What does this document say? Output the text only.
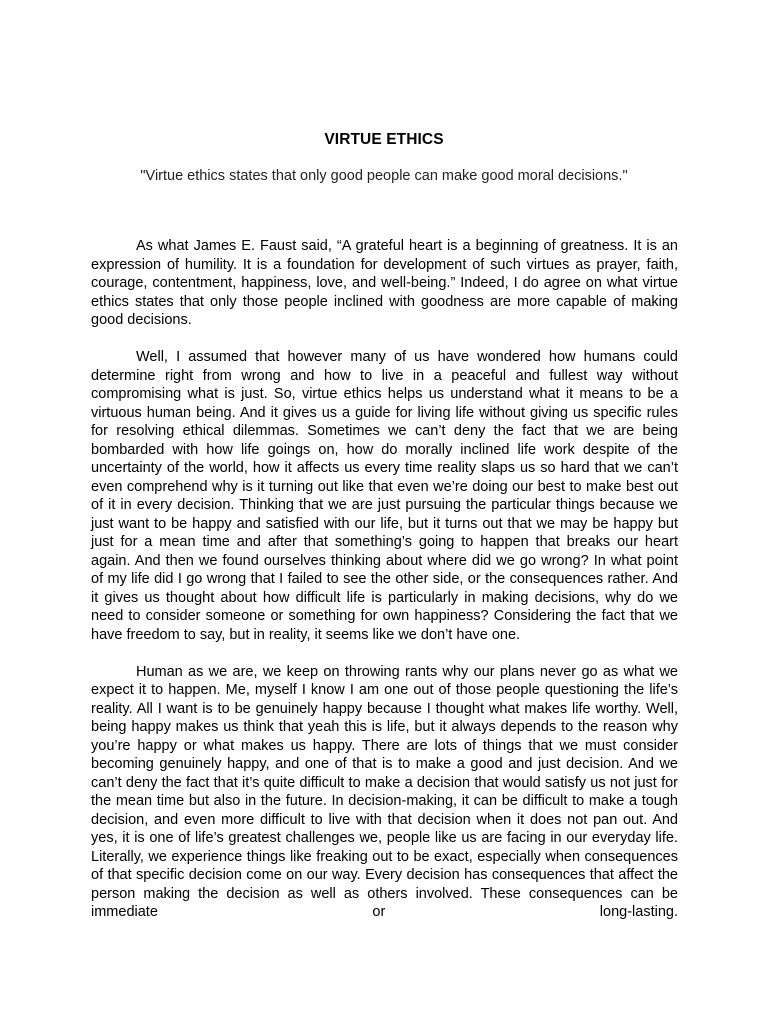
VIRTUE ETHICS
"Virtue ethics states that only good people can make good moral decisions."

As what James E. Faust said, “A grateful heart is a beginning of greatness. It is an expression of humility. It is a foundation for development of such virtues as prayer, faith, courage, contentment, happiness, love, and well-being.” Indeed, I do agree on what virtue ethics states that only those people inclined with goodness are more capable of making good decisions.

Well, I assumed that however many of us have wondered how humans could determine right from wrong and how to live in a peaceful and fullest way without compromising what is just. So, virtue ethics helps us understand what it means to be a virtuous human being. And it gives us a guide for living life without giving us specific rules for resolving ethical dilemmas. Sometimes we can’t deny the fact that we are being bombarded with how life goings on, how do morally inclined life work despite of the uncertainty of the world, how it affects us every time reality slaps us so hard that we can’t even comprehend why is it turning out like that even we’re doing our best to make best out of it in every decision. Thinking that we are just pursuing the particular things because we just want to be happy and satisfied with our life, but it turns out that we may be happy but just for a mean time and after that something’s going to happen that breaks our heart again. And then we found ourselves thinking about where did we go wrong? In what point of my life did I go wrong that I failed to see the other side, or the consequences rather. And it gives us thought about how difficult life is particularly in making decisions, why do we need to consider someone or something for own happiness? Considering the fact that we have freedom to say, but in reality, it seems like we don’t have one.

Human as we are, we keep on throwing rants why our plans never go as what we expect it to happen. Me, myself I know I am one out of those people questioning the life’s reality. All I want is to be genuinely happy because I thought what makes life worthy. Well, being happy makes us think that yeah this is life, but it always depends to the reason why you’re happy or what makes us happy. There are lots of things that we must consider becoming genuinely happy, and one of that is to make a good and just decision. And we can’t deny the fact that it’s quite difficult to make a decision that would satisfy us not just for the mean time but also in the future. In decision-making, it can be difficult to make a tough decision, and even more difficult to live with that decision when it does not pan out. And yes, it is one of life’s greatest challenges we, people like us are facing in our everyday life. Literally, we experience things like freaking out to be exact, especially when consequences of that specific decision come on our way. Every decision has consequences that affect the person making the decision as well as others involved. These consequences can be immediate or long-lasting.
